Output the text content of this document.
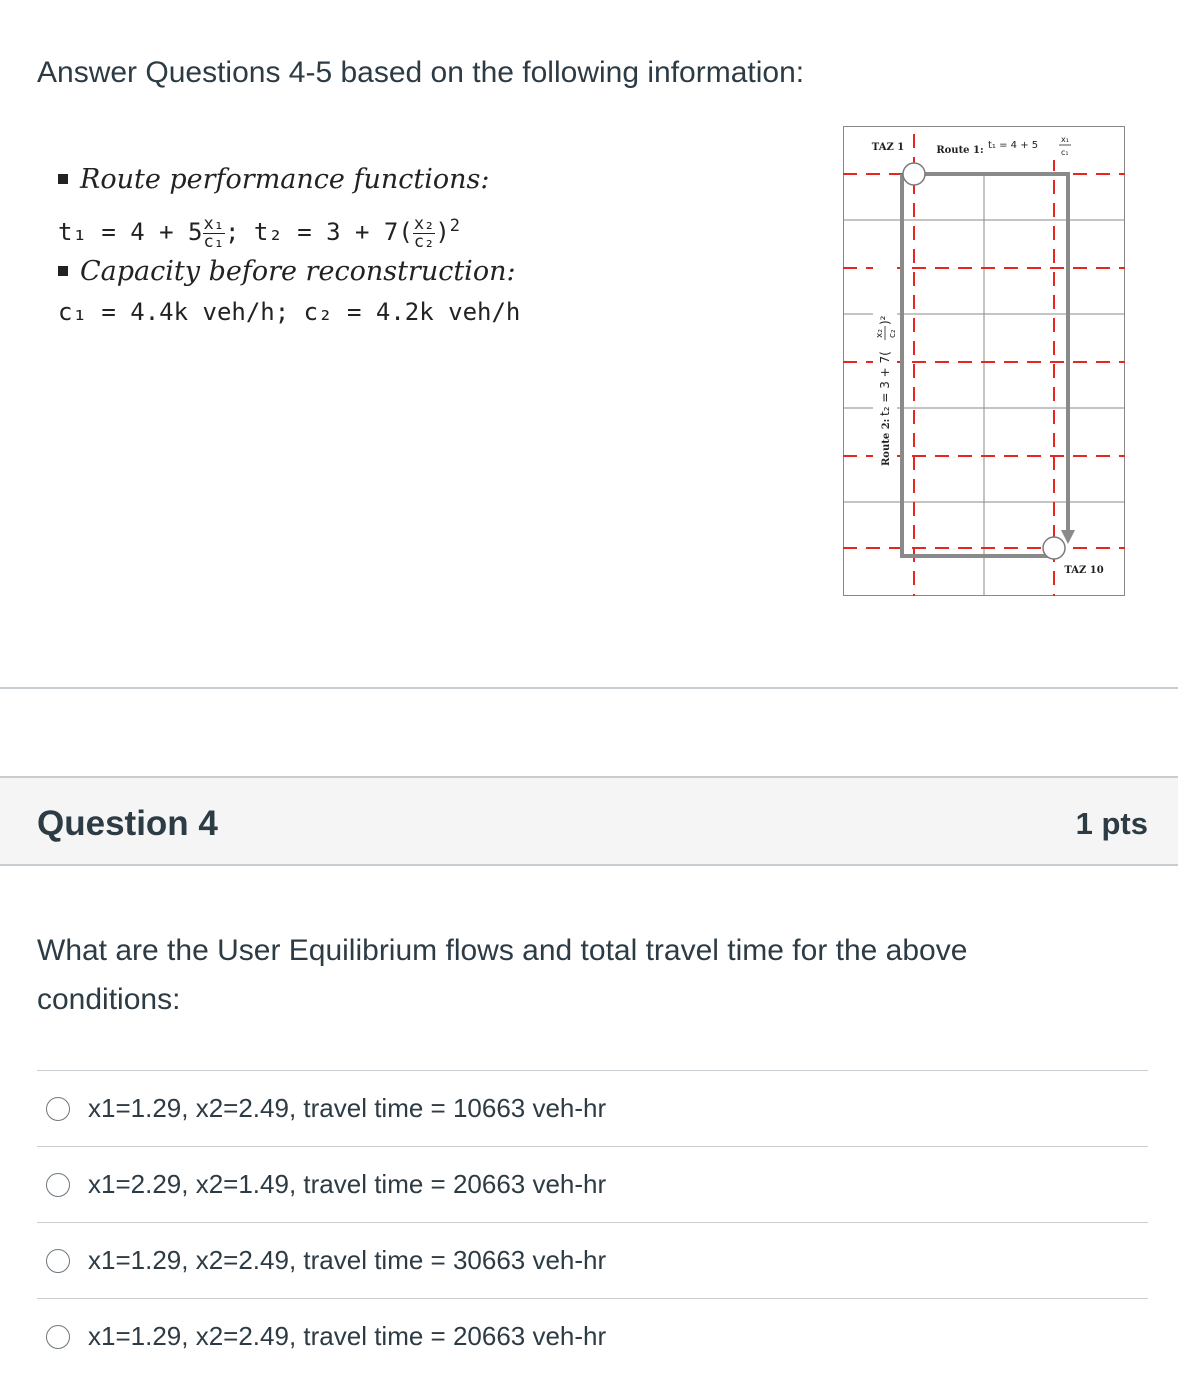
Answer Questions 4-5 based on the following information:
Route performance functions:
$t_1 = 4 + 5 \frac{\text{x₁}}{\text{c₁}}$ ; $t_2 = 3 + 7( \frac{\text{x₂}}{\text{c₂}} )^2$
Capacity before reconstruction:
c₁ = 4.4k veh/h; c₂ = 4.2k veh/h
TAZ 1	Route 1: t₁ = 4 + 5
x₁
c₁
Route 2:
t₂ = 3 + 7(
x₂ c₂
)²
TAZ 10
Question 4	1 pts

What are the User Equilibrium flows and total travel time for the above conditions:

x1=1.29, x2=2.49, travel time = 10663 veh-hr
x1=2.29, x2=1.49, travel time = 20663 veh-hr
x1=1.29, x2=2.49, travel time = 30663 veh-hr
x1=1.29, x2=2.49, travel time = 20663 veh-hr
